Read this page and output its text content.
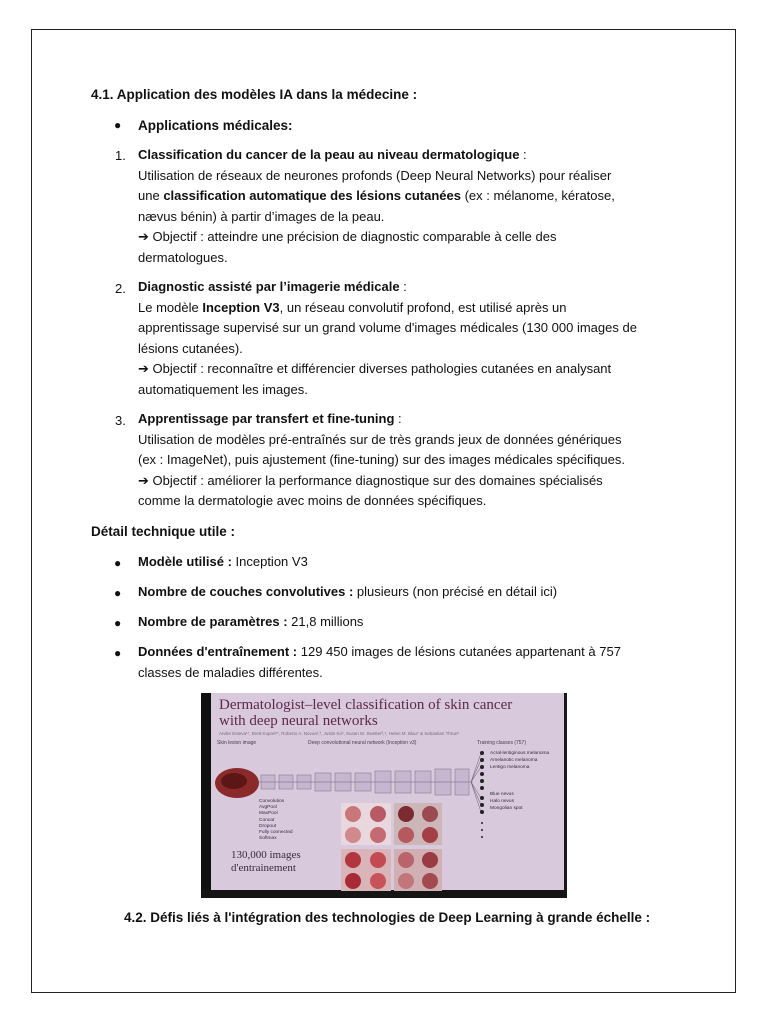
4.1. Application des modèles IA dans la médecine :
● Applications médicales:
1. Classification du cancer de la peau au niveau dermatologique :
Utilisation de réseaux de neurones profonds (Deep Neural Networks) pour réaliser
une classification automatique des lésions cutanées (ex : mélanome, kératose,
nævus bénin) à partir d’images de la peau.
➔ Objectif : atteindre une précision de diagnostic comparable à celle des
dermatologues.
2. Diagnostic assisté par l’imagerie médicale :
Le modèle Inception V3, un réseau convolutif profond, est utilisé après un
apprentissage supervisé sur un grand volume d'images médicales (130 000 images de
lésions cutanées).
➔ Objectif : reconnaître et différencier diverses pathologies cutanées en analysant
automatiquement les images.
3. Apprentissage par transfert et fine-tuning :
Utilisation de modèles pré-entraînés sur de très grands jeux de données génériques
(ex : ImageNet), puis ajustement (fine-tuning) sur des images médicales spécifiques.
➔ Objectif : améliorer la performance diagnostique sur des domaines spécialisés
comme la dermatologie avec moins de données spécifiques.
Détail technique utile :
● Modèle utilisé : Inception V3
● Nombre de couches convolutives : plusieurs (non précisé en détail ici)
● Nombre de paramètres : 21,8 millions
● Données d'entraînement : 129 450 images de lésions cutanées appartenant à 757
classes de maladies différentes.
Dermatologist–level classification of skin cancer
with deep neural networks
Andre Esteva¹*, Brett Kuprel¹*, Roberto A. Novoa²,³, Justin Ko², Susan M. Swetter²,⁴, Helen M. Blau⁵ & Sebastian Thrun⁶
Skin lesion image	Deep convolutional neural network (Inception v3)	Training classes (757)
Acral-lentiginous melanoma
Amelanotic melanoma
Lentigo melanoma
Blue nevus
Halo nevus
Mongolian spot
Convolution
AvgPool
MaxPool
Concat
Dropout
Fully connected
Softmax
130,000 images
d'entrainement
4.2. Défis liés à l'intégration des technologies de Deep Learning à grande échelle :
